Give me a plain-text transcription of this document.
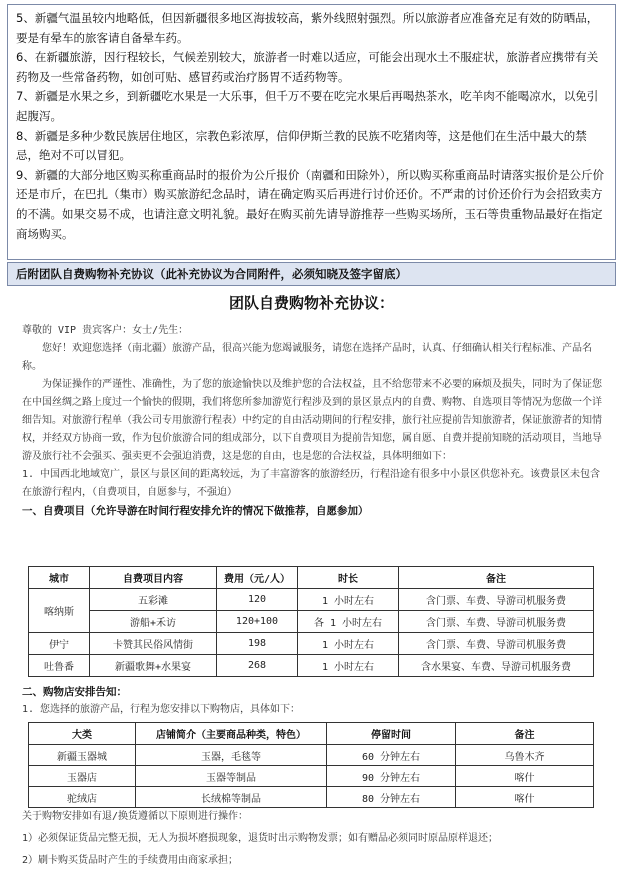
5、新疆气温虽较内地略低，但因新疆很多地区海拔较高，紫外线照射强烈。所以旅游者应准备充足有效的防晒品，要是有晕车的旅客请自备晕车药。

6、在新疆旅游，因行程较长，气候差别较大，旅游者一时难以适应，可能会出现水土不服症状，旅游者应携带有关药物及一些常备药物，如创可贴、感冒药或治疗肠胃不适药物等。

7、新疆是水果之乡，到新疆吃水果是一大乐事，但千万不要在吃完水果后再喝热茶水，吃羊肉不能喝凉水，以免引起腹泻。

8、新疆是多种少数民族居住地区，宗教色彩浓厚，信仰伊斯兰教的民族不吃猪肉等，这是他们在生活中最大的禁忌，绝对不可以冒犯。

9、新疆的大部分地区购买称重商品时的报价为公斤报价（南疆和田除外），所以购买称重商品时请落实报价是公斤价还是市斤，在巴扎（集市）购买旅游纪念品时，请在确定购买后再进行讨价还价。不严肃的讨价还价行为会招致卖方的不满。如果交易不成，也请注意文明礼貌。最好在购买前先请导游推荐一些购买场所，玉石等贵重物品最好在指定商场购买。

后附团队自费购物补充协议（此补充协议为合同附件，必须知晓及签字留底）
团队自费购物补充协议：

尊敬的 VIP 贵宾客户：女士/先生：

您好！欢迎您选择（南北疆）旅游产品，很高兴能为您竭诚服务，请您在选择产品时，认真、仔细确认相关行程标准、产品名称。

为保证操作的严谨性、准确性，为了您的旅途愉快以及维护您的合法权益，且不给您带来不必要的麻烦及损失，同时为了保证您在中国丝绸之路上度过一个愉快的假期，我们将您所参加游览行程涉及到的景区景点内的自费、购物、自选项目等情况为您做一个详细告知。对旅游行程单（我公司专用旅游行程表）中约定的自由活动期间的行程安排，旅行社应提前告知旅游者，保证旅游者的知情权，并经双方协商一致，作为包价旅游合同的组成部分，以下自费项目为提前告知您，属自愿、自费并提前知晓的活动项目，当地导游及旅行社不会强买、强卖更不会强迫消费，这是您的自由，也是您的合法权益，具体明细如下：

1. 中国西北地域宽广，景区与景区间的距离较远，为了丰富游客的旅游经历，行程沿途有很多中小景区供您补充。该费景区未包含在旅游行程内，（自费项目，自愿参与，不强迫）

一、自费项目（允许导游在时间行程安排允许的情况下做推荐，自愿参加）

城市	自费项目内容	费用（元/人）	时长	备注
喀纳斯	五彩滩	120	1 小时左右	含门票、车费、导游司机服务费
	游船+禾访	120+100	各 1 小时左右	含门票、车费、导游司机服务费
伊宁	卡赞其民俗风情街	198	1 小时左右	含门票、车费、导游司机服务费
吐鲁番	新疆歌舞+水果宴	268	1 小时左右	含水果宴、车费、导游司机服务费

二、购物店安排告知：

1. 您选择的旅游产品，行程为您安排以下购物店，具体如下：

大类	店铺简介（主要商品种类，特色）	停留时间	备注
新疆玉器城	玉器，毛毯等	60 分钟左右	乌鲁木齐
玉器店	玉器等制品	90 分钟左右	喀什
驼绒店	长绒棉等制品	80 分钟左右	喀什

关于购物安排如有退/换货遵循以下原则进行操作：

1）必须保证货品完整无损，无人为损坏磨损现象，退货时出示购物发票；如有赠品必须同时原品原样退还；

2）刷卡购买货品时产生的手续费用由商家承担；
